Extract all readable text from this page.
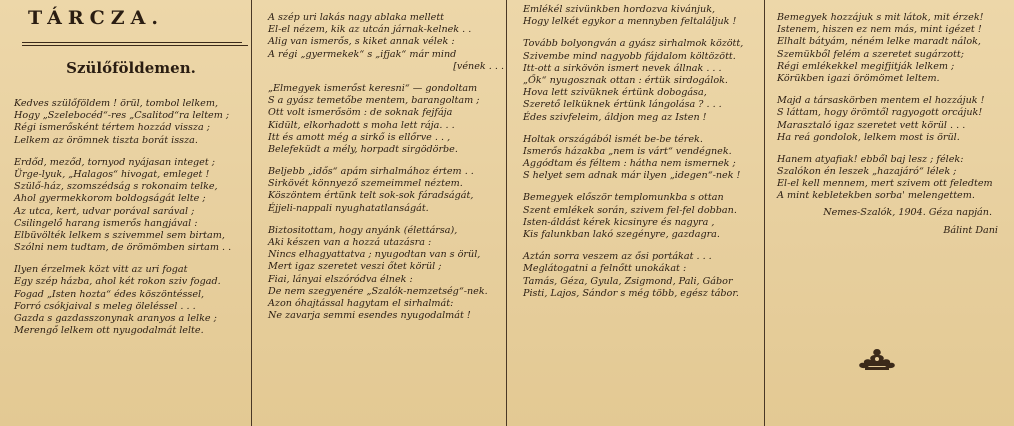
TÁRCZA.
Szülőföldemen.
Kedves szülőföldem ! örül, tombol lelkem,
Hogy „Szelebocéd“-res „Csalitod“ra leltem ;
Régi ismerősként tértem hozzád vissza ;
Lelkem az örömnek tiszta borát issza.
Erdőd, meződ, tornyod nyájasan integet ;
Ürge-lyuk, „Halagos“ hivogat, emleget !
Szülő-ház, szomszédság s rokonaim telke,
Ahol gyermekkorom boldogságát lelte ;
Az utca, kert, udvar porával sarával ;
Csilingelő harang ismerős hangjával :
Elbüvölték lelkem s szivemmel sem birtam,
Szólni nem tudtam, de örömömben sirtam . .
Ilyen érzelmek közt vitt az uri fogat
Egy szép házba, ahol két rokon sziv fogad.
Fogad „Isten hozta“ édes köszöntéssel,
Forró csókjaival s meleg öleléssel . . .
Gazda s gazdasszonynak aranyos a lelke ;
Merengő lelkem ott nyugodalmát lelte.
A szép uri lakás nagy ablaka mellett
El-el nézem, kik az utcán járnak-kelnek . .
Alig van ismerős, s kiket annak vélek :
A régi „gyermekek“ s „ifjak“ már mind
[vének . . .
„Elmegyek ismerőst keresni“ — gondoltam
S a gyász temetőbe mentem, barangoltam ;
Ott volt ismerősöm : de soknak fejfája
Kidült, elkorhadott s moha lett rája. . .
Itt és amott még a sirkő is ellőrve . . ,
Belefeküdt a mély, horpadt sirgödörbe.
Beljebb „idős“ apám sirhalmához értem . .
Sirkövét könnyező szemeimmel néztem.
Köszöntem értünk telt sok-sok fáradságát,
Éjjeli-nappali nyughatatlanságát.
Biztositottam, hogy anyánk (élettársa),
Aki készen van a hozzá utazásra :
Nincs elhagyattatva ; nyugodtan van s örül,
Mert igaz szeretet veszi őtet körül ;
Fiai, lányai elszóródva élnek :
De nem szegyenére „Szalók-nemzetség“-nek.
Azon óhajtással hagytam el sirhalmát:
Ne zavarja semmi esendes nyugodalmát !
Emlékél szivünkben hordozva kivánjuk,
Hogy lelkét egykor a mennyben feltaláljuk !
Tovább bolyongván a gyász sirhalmok között,
Szivembe mind nagyobb fájdalom költözött.
Itt-ott a sirkövön ismert nevek állnak . . .
„Ők“ nyugosznak ottan : értük sirdogálok.
Hova lett szivüknek értünk dobogása,
Szerető lelküknek értünk lángolása ? . . .
Édes szivfeleim, áldjon meg az Isten !
Holtak országából ismét be-be térek.
Ismerős házakba „nem is várt“ vendégnek.
Aggódtam és féltem : hátha nem ismernek ;
S helyet sem adnak már ilyen „idegen“-nek !
Bemegyek először templomunkba s ottan
Szent emlékek során, szivem fel-fel dobban.
Isten-áldást kérek kicsinyre és nagyra ,
Kis falunkban lakó szegényre, gazdagra.
Aztán sorra veszem az ősi portákat . . .
Meglátogatni a felnőtt unokákat :
Tamás, Géza, Gyula, Zsigmond, Pali, Gábor
Pisti, Lajos, Sándor s még több, egész tábor.
Bemegyek hozzájuk s mit látok, mit érzek!
Istenem, hiszen ez nem más, mint igézet !
Elhalt bátyám, néném lelke maradt nálok,
Szemükből felém a szeretet sugárzott;
Régi emlékekkel megifjitják lelkem ;
Körükben igazi örömömet leltem.
Majd a társaskörben mentem el hozzájuk !
S láttam, hogy örömtől ragyogott orcájuk!
Marasztaló igaz szeretet vett körül . . .
Ha reá gondolok, lelkem most is örül.
Hanem atyafiak! ebből baj lesz ; félek:
Szalókon én leszek „hazajáró“ lélek ;
El-el kell mennem, mert szivem ott feledtem
A mint kebletekben sorba' melengettem.
Nemes-Szalók, 1904. Géza napján.
Bálint Dani
